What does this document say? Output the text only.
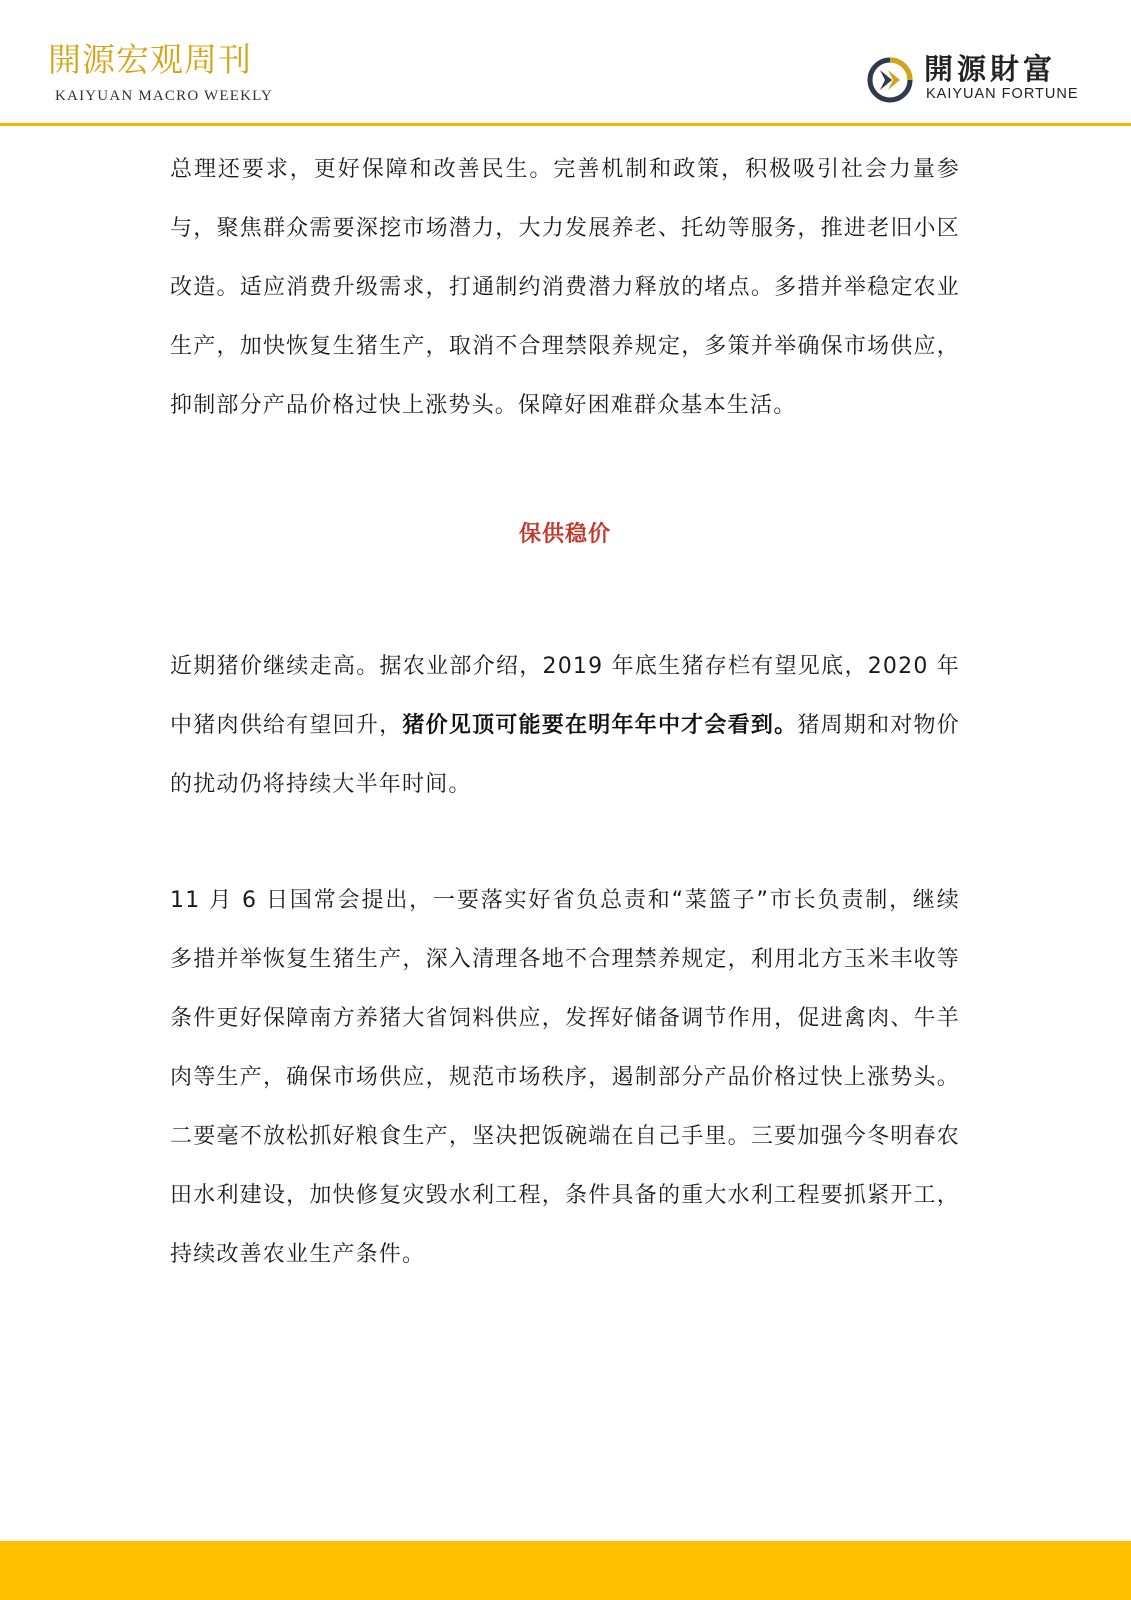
開源宏观周刊
KAIYUAN MACRO WEEKLY
開源財富
KAIYUAN FORTUNE

总理还要求，更好保障和改善民生。完善机制和政策，积极吸引社会力量参与，聚焦群众需要深挖市场潜力，大力发展养老、托幼等服务，推进老旧小区改造。适应消费升级需求，打通制约消费潜力释放的堵点。多措并举稳定农业生产，加快恢复生猪生产，取消不合理禁限养规定，多策并举确保市场供应，抑制部分产品价格过快上涨势头。保障好困难群众基本生活。

保供稳价

近期猪价继续走高。据农业部介绍，2019 年底生猪存栏有望见底，2020 年中猪肉供给有望回升，猪价见顶可能要在明年年中才会看到。猪周期和对物价的扰动仍将持续大半年时间。

11 月 6 日国常会提出，一要落实好省负总责和“菜篮子”市长负责制，继续多措并举恢复生猪生产，深入清理各地不合理禁养规定，利用北方玉米丰收等条件更好保障南方养猪大省饲料供应，发挥好储备调节作用，促进禽肉、牛羊肉等生产，确保市场供应，规范市场秩序，遏制部分产品价格过快上涨势头。二要毫不放松抓好粮食生产，坚决把饭碗端在自己手里。三要加强今冬明春农田水利建设，加快修复灾毁水利工程，条件具备的重大水利工程要抓紧开工，持续改善农业生产条件。
